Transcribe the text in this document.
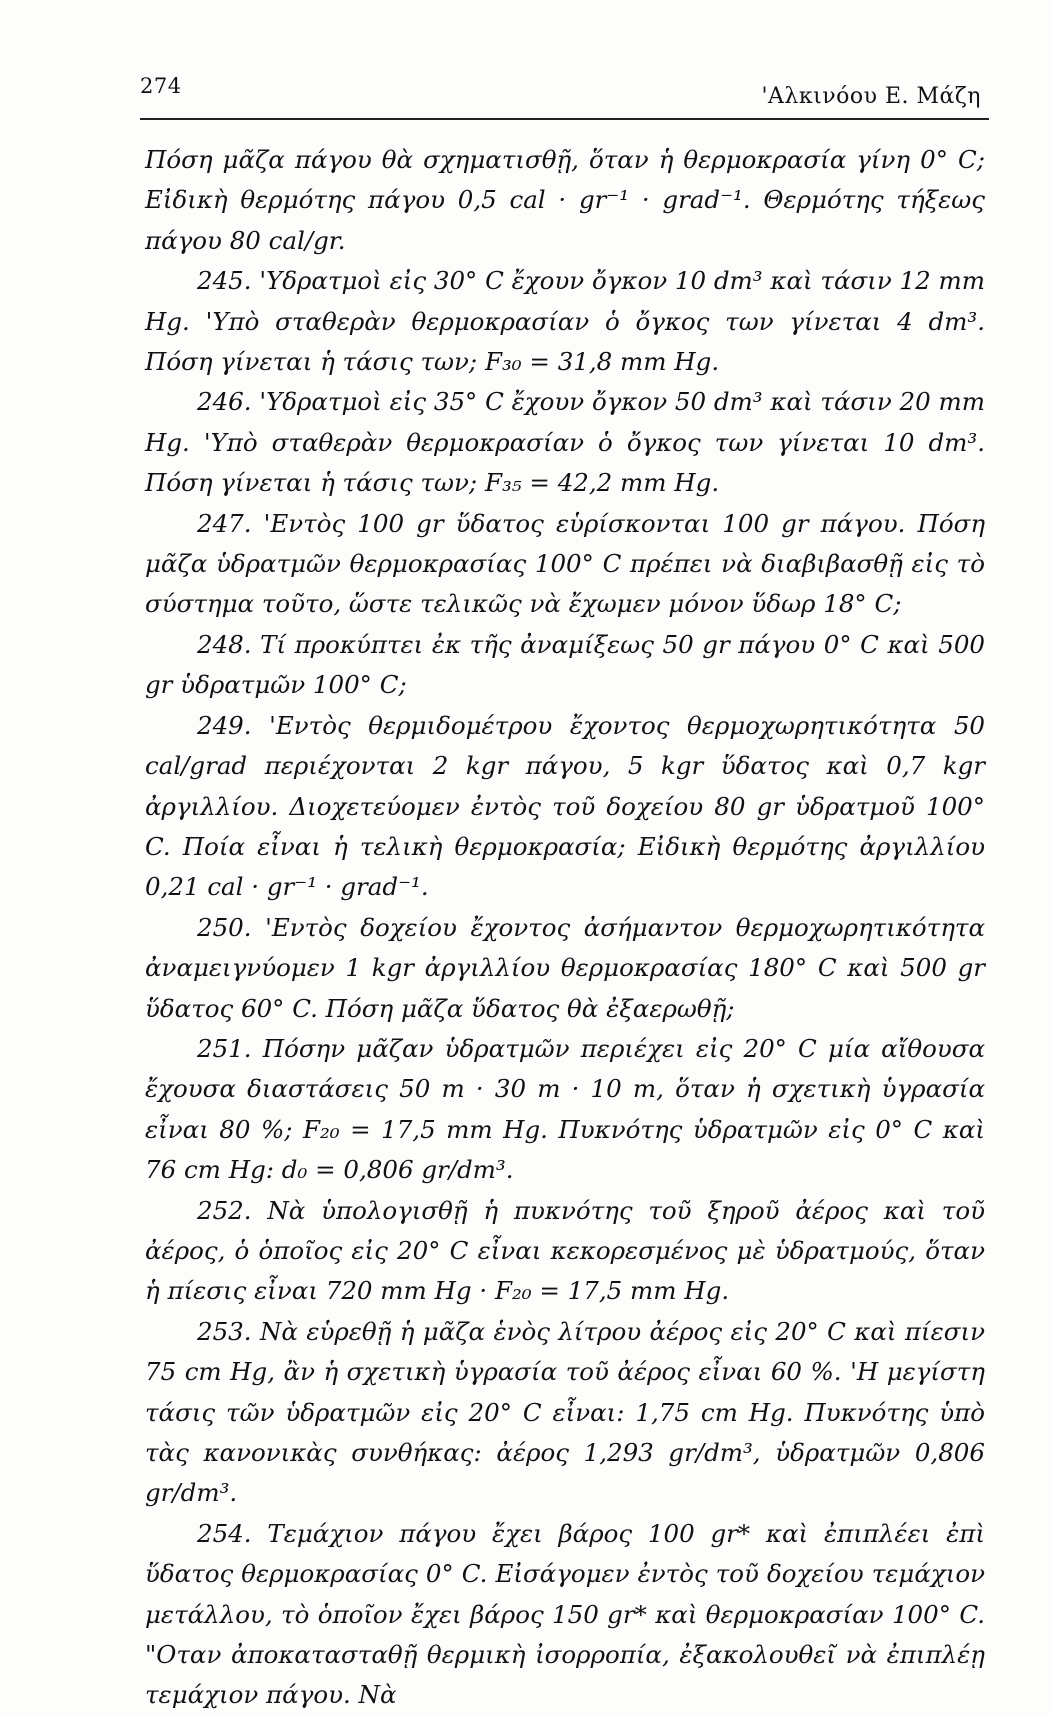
274	'Αλκινόου Ε. Μάζη

Πόση μᾶζα πάγου θὰ σχηματισθῇ, ὅταν ἡ θερμοκρασία γίνη 0° C; Εἰδικὴ θερμότης πάγου 0,5 cal · gr⁻¹ · grad⁻¹. Θερμότης τήξεως πάγου 80 cal/gr.

245. 'Υδρατμοὶ εἰς 30° C ἔχουν ὄγκον 10 dm³ καὶ τάσιν 12 mm Hg. 'Υπὸ σταθερὰν θερμοκρασίαν ὁ ὄγκος των γίνεται 4 dm³. Πόση γίνεται ἡ τάσις των; F₃₀ = 31,8 mm Hg.

246. 'Υδρατμοὶ εἰς 35° C ἔχουν ὄγκον 50 dm³ καὶ τάσιν 20 mm Hg. 'Υπὸ σταθερὰν θερμοκρασίαν ὁ ὄγκος των γίνεται 10 dm³. Πόση γίνεται ἡ τάσις των; F₃₅ = 42,2 mm Hg.

247. 'Εντὸς 100 gr ὕδατος εὑρίσκονται 100 gr πάγου. Πόση μᾶζα ὑδρατμῶν θερμοκρασίας 100° C πρέπει νὰ διαβιβασθῇ εἰς τὸ σύστημα τοῦτο, ὥστε τελικῶς νὰ ἔχωμεν μόνον ὕδωρ 18° C;

248. Τί προκύπτει ἐκ τῆς ἀναμίξεως 50 gr πάγου 0° C καὶ 500 gr ὑδρατμῶν 100° C;

249. 'Εντὸς θερμιδομέτρου ἔχοντος θερμοχωρητικότητα 50 cal/grad περιέχονται 2 kgr πάγου, 5 kgr ὕδατος καὶ 0,7 kgr ἀργιλλίου. Διοχετεύομεν ἐντὸς τοῦ δοχείου 80 gr ὑδρατμοῦ 100° C. Ποία εἶναι ἡ τελικὴ θερμοκρασία; Εἰδικὴ θερμότης ἀργιλλίου 0,21 cal · gr⁻¹ · grad⁻¹.

250. 'Εντὸς δοχείου ἔχοντος ἀσήμαντον θερμοχωρητικότητα ἀναμειγνύομεν 1 kgr ἀργιλλίου θερμοκρασίας 180° C καὶ 500 gr ὕδατος 60° C. Πόση μᾶζα ὕδατος θὰ ἐξαερωθῇ;

251. Πόσην μᾶζαν ὑδρατμῶν περιέχει εἰς 20° C μία αἴθουσα ἔχουσα διαστάσεις 50 m · 30 m · 10 m, ὅταν ἡ σχετικὴ ὑγρασία εἶναι 80 %; F₂₀ = 17,5 mm Hg. Πυκνότης ὑδρατμῶν εἰς 0° C καὶ 76 cm Hg: d₀ = 0,806 gr/dm³.

252. Νὰ ὑπολογισθῇ ἡ πυκνότης τοῦ ξηροῦ ἀέρος καὶ τοῦ ἀέρος, ὁ ὁποῖος εἰς 20° C εἶναι κεκορεσμένος μὲ ὑδρατμούς, ὅταν ἡ πίεσις εἶναι 720 mm Hg · F₂₀ = 17,5 mm Hg.

253. Νὰ εὑρεθῇ ἡ μᾶζα ἑνὸς λίτρου ἀέρος εἰς 20° C καὶ πίεσιν 75 cm Hg, ἂν ἡ σχετικὴ ὑγρασία τοῦ ἀέρος εἶναι 60 %. 'Η μεγίστη τάσις τῶν ὑδρατμῶν εἰς 20° C εἶναι: 1,75 cm Hg. Πυκνότης ὑπὸ τὰς κανονικὰς συνθήκας: ἀέρος 1,293 gr/dm³, ὑδρατμῶν 0,806 gr/dm³.

254. Τεμάχιον πάγου ἔχει βάρος 100 gr* καὶ ἐπιπλέει ἐπὶ ὕδατος θερμοκρασίας 0° C. Εἰσάγομεν ἐντὸς τοῦ δοχείου τεμάχιον μετάλλου, τὸ ὁποῖον ἔχει βάρος 150 gr* καὶ θερμοκρασίαν 100° C. "Οταν ἀποκατασταθῇ θερμικὴ ἰσορροπία, ἐξακολουθεῖ νὰ ἐπιπλέῃ τεμάχιον πάγου. Νὰ
